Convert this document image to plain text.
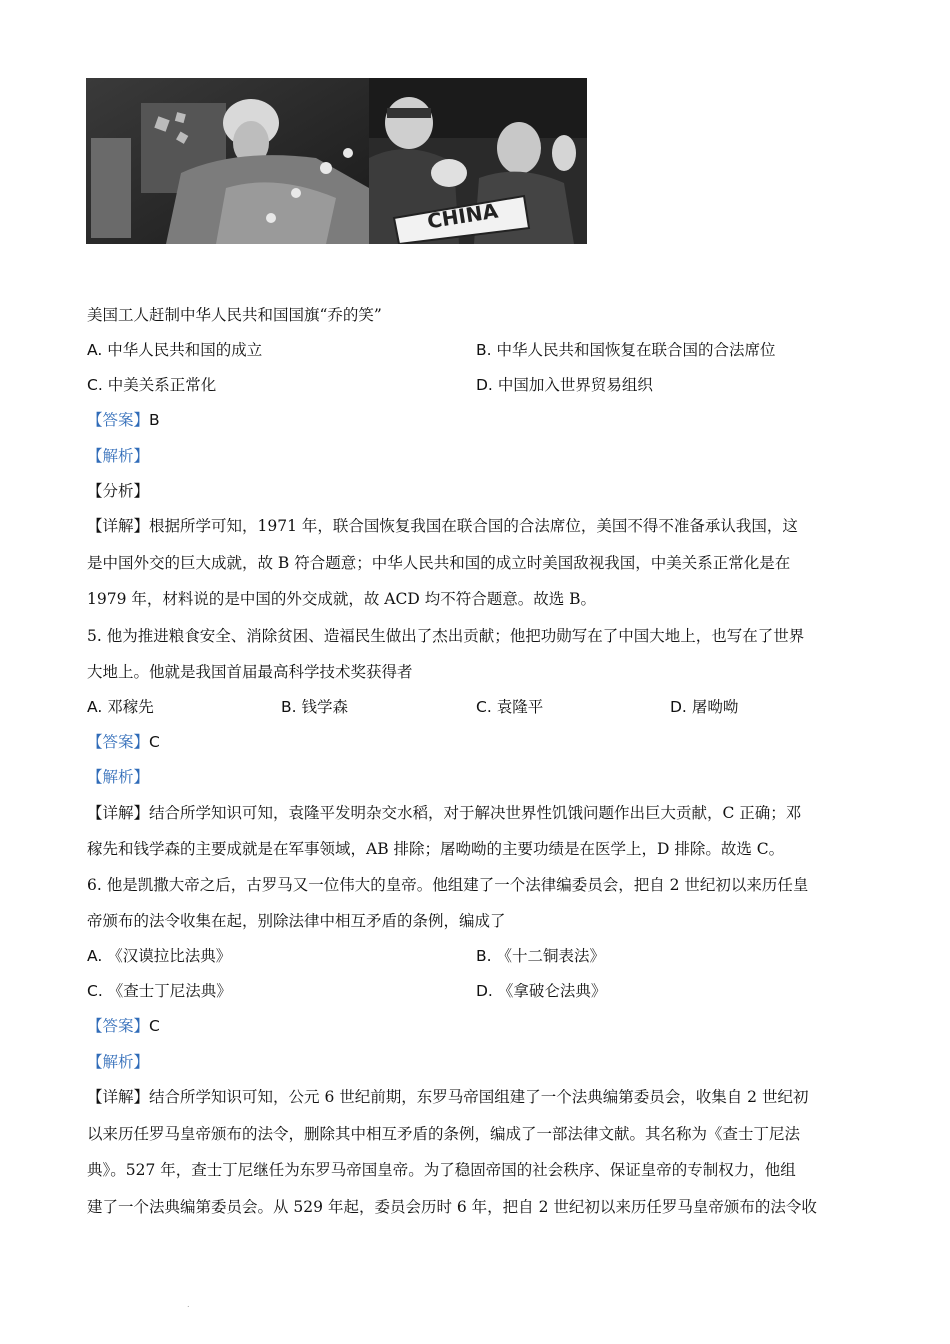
CHINA
美国工人赶制中华人民共和国国旗“乔的笑”
A. 中华人民共和国的成立	B. 中华人民共和国恢复在联合国的合法席位
C. 中美关系正常化	D. 中国加入世界贸易组织
【答案】B
【解析】
【分析】
【详解】根据所学可知，1971 年，联合国恢复我国在联合国的合法席位，美国不得不准备承认我国，这
是中国外交的巨大成就，故 B 符合题意；中华人民共和国的成立时美国敌视我国，中美关系正常化是在
1979 年，材料说的是中国的外交成就，故 ACD 均不符合题意。故选 B。
5. 他为推进粮食安全、消除贫困、造福民生做出了杰出贡献；他把功勋写在了中国大地上，也写在了世界
大地上。他就是我国首届最高科学技术奖获得者
A. 邓稼先	B. 钱学森	C. 袁隆平	D. 屠呦呦
【答案】C
【解析】
【详解】结合所学知识可知，袁隆平发明杂交水稻，对于解决世界性饥饿问题作出巨大贡献，C 正确；邓
稼先和钱学森的主要成就是在军事领域，AB 排除；屠呦呦的主要功绩是在医学上，D 排除。故选 C。
6. 他是凯撒大帝之后，古罗马又一位伟大的皇帝。他组建了一个法律编委员会，把自 2 世纪初以来历任皇
帝颁布的法令收集在起，别除法律中相互矛盾的条例，编成了
A. 《汉谟拉比法典》	B. 《十二铜表法》
C. 《查士丁尼法典》	D. 《拿破仑法典》
【答案】C
【解析】
【详解】结合所学知识可知，公元 6 世纪前期，东罗马帝国组建了一个法典编第委员会，收集自 2 世纪初
以来历任罗马皇帝颁布的法令，删除其中相互矛盾的条例，编成了一部法律文献。其名称为《查士丁尼法
典》。527 年，查士丁尼继任为东罗马帝国皇帝。为了稳固帝国的社会秩序、保证皇帝的专制权力，他组
建了一个法典编第委员会。从 529 年起，委员会历时 6 年，把自 2 世纪初以来历任罗马皇帝颁布的法令收
.
